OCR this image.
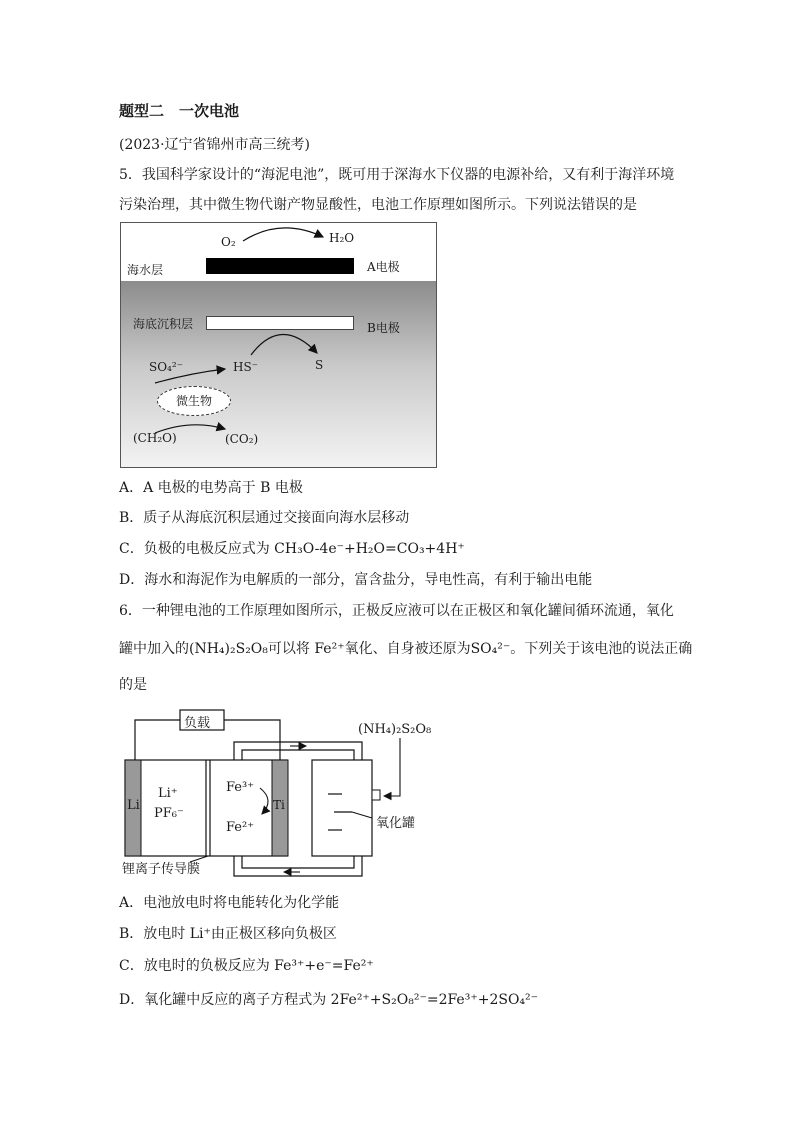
题型二　一次电池
(2023·辽宁省锦州市高三统考)
5．我国科学家设计的“海泥电池”，既可用于深海水下仪器的电源补给，又有利于海洋环境
污染治理，其中微生物代谢产物显酸性，电池工作原理如图所示。下列说法错误的是
O₂	H₂O
海水层	A电极
海底沉积层	B电极
SO₄²⁻	HS⁻	S
微生物
(CH₂O)	(CO₂)
A．A 电极的电势高于 B 电极
B．质子从海底沉积层通过交接面向海水层移动
C．负极的电极反应式为 CH₃O-4e⁻+H₂O=CO₃+4H⁺
D．海水和海泥作为电解质的一部分，富含盐分，导电性高，有利于输出电能
6．一种锂电池的工作原理如图所示，正极反应液可以在正极区和氧化罐间循环流通，氧化
罐中加入的(NH₄)₂S₂O₈可以将 Fe²⁺氧化、自身被还原为SO₄²⁻。下列关于该电池的说法正确
的是
负载
Li
Li⁺
PF₆⁻
Fe³⁺
Fe²⁺
Ti
(NH₄)₂S₂O₈
氧化罐
锂离子传导膜
A．电池放电时将电能转化为化学能
B．放电时 Li⁺由正极区移向负极区
C．放电时的负极反应为 Fe³⁺+e⁻=Fe²⁺
D．氧化罐中反应的离子方程式为 2Fe²⁺+S₂O₈²⁻=2Fe³⁺+2SO₄²⁻
